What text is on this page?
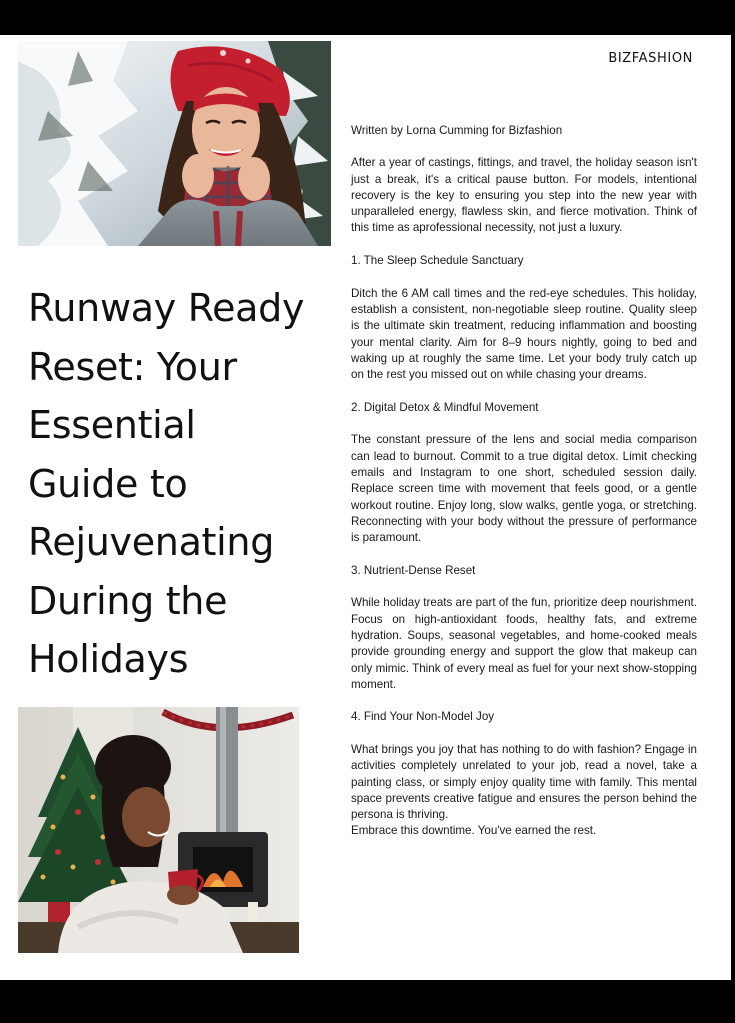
BIZFASHION
Runway Ready
Reset: Your
Essential
Guide to
Rejuvenating
During the
Holidays

Written by Lorna Cumming for Bizfashion

After a year of castings, fittings, and travel, the holiday season isn't just a break, it's a critical pause button. For models, intentional recovery is the key to ensuring you step into the new year with unparalleled energy, flawless skin, and fierce motivation. Think of this time as aprofessional necessity, not just a luxury.

1. The Sleep Schedule Sanctuary

Ditch the 6 AM call times and the red-eye schedules. This holiday, establish a consistent, non-negotiable sleep routine. Quality sleep is the ultimate skin treatment, reducing inflammation and boosting your mental clarity. Aim for 8–9 hours nightly, going to bed and waking up at roughly the same time. Let your body truly catch up on the rest you missed out on while chasing your dreams.

2. Digital Detox & Mindful Movement

The constant pressure of the lens and social media comparison can lead to burnout. Commit to a true digital detox. Limit checking emails and Instagram to one short, scheduled session daily. Replace screen time with movement that feels good, or a gentle workout routine. Enjoy long, slow walks, gentle yoga, or stretching. Reconnecting with your body without the pressure of performance is paramount.

3. Nutrient-Dense Reset

While holiday treats are part of the fun, prioritize deep nourishment. Focus on high-antioxidant foods, healthy fats, and extreme hydration. Soups, seasonal vegetables, and home-cooked meals provide grounding energy and support the glow that makeup can only mimic. Think of every meal as fuel for your next show-stopping moment.

4. Find Your Non-Model Joy

What brings you joy that has nothing to do with fashion? Engage in activities completely unrelated to your job, read a novel, take a painting class, or simply enjoy quality time with family. This mental space prevents creative fatigue and ensures the person behind the persona is thriving.

Embrace this downtime. You've earned the rest.
